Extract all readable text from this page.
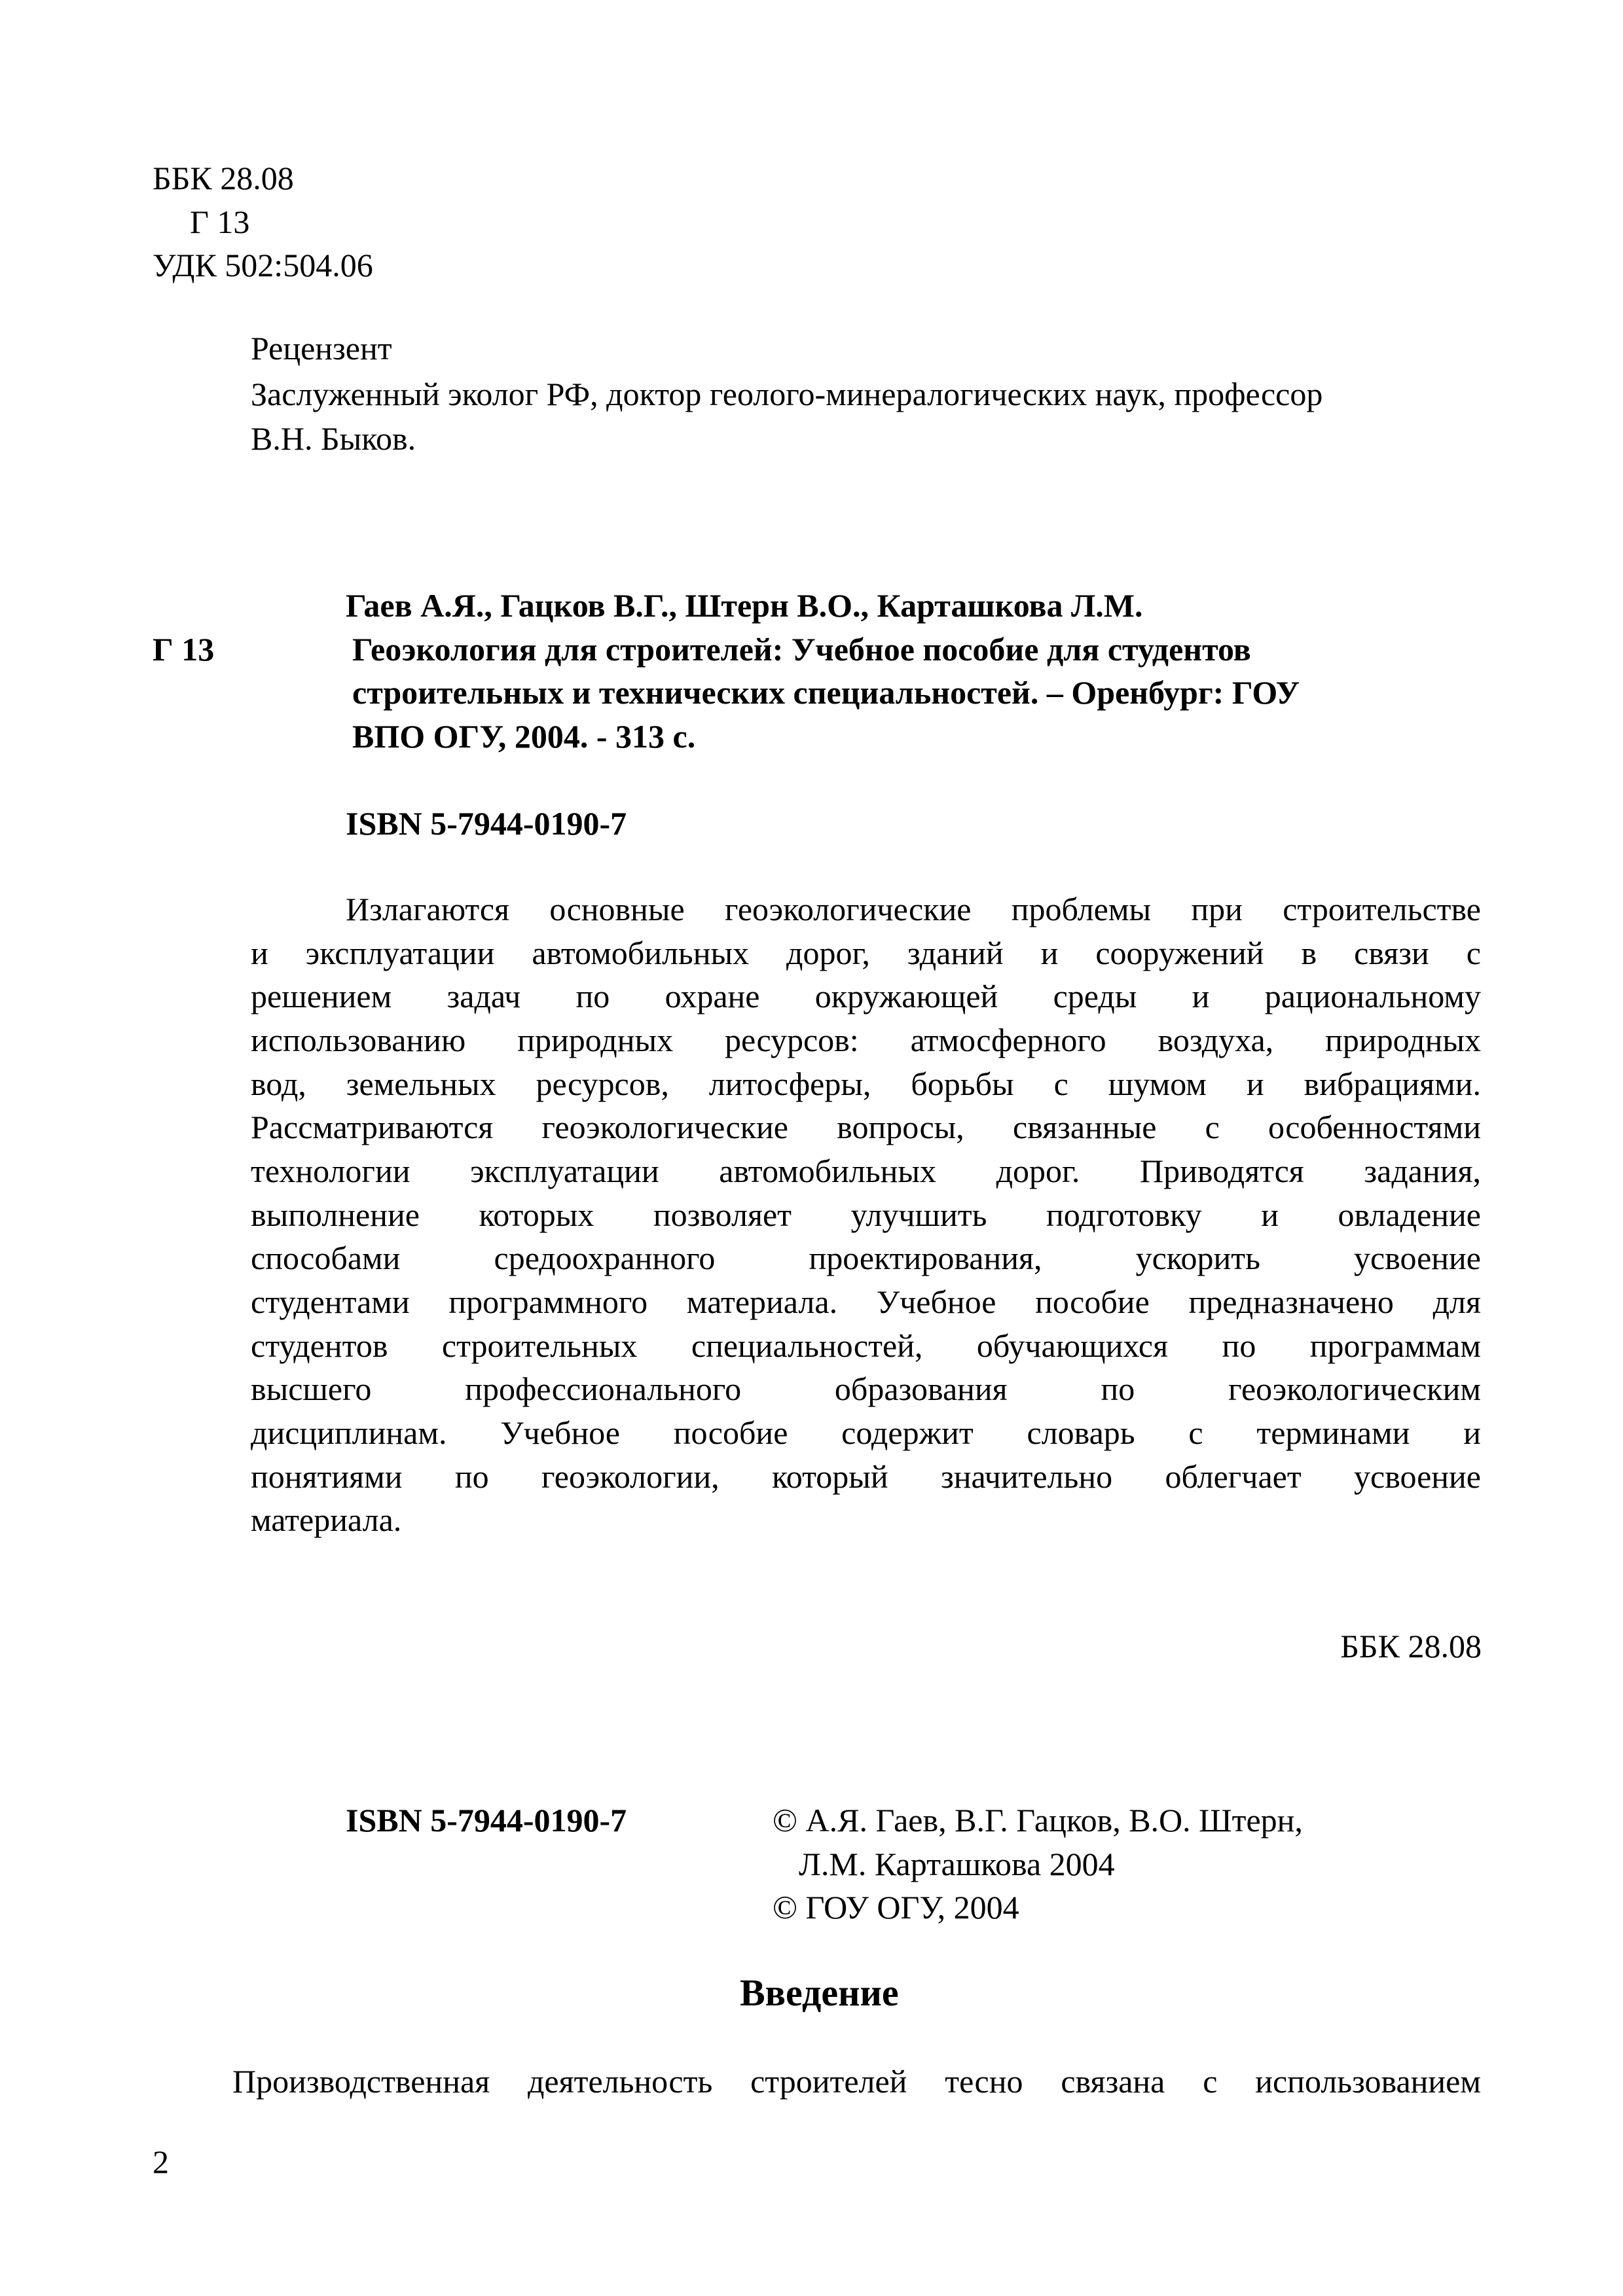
ББК 28.08
Г 13
УДК 502:504.06
Рецензент
Заслуженный эколог РФ, доктор геолого-минералогических наук, профессор
В.Н. Быков.
Гаев А.Я., Гацков В.Г., Штерн В.О., Карташкова Л.М.
Г 13	Геоэкология для строителей: Учебное пособие для студентов
строительных и технических специальностей. – Оренбург: ГОУ
ВПО ОГУ, 2004. - 313 с.
ISBN 5-7944-0190-7
Излагаются основные геоэкологические проблемы при строительстве
и эксплуатации автомобильных дорог, зданий и сооружений в связи с
решением задач по охране окружающей среды и рациональному
использованию природных ресурсов: атмосферного воздуха, природных
вод, земельных ресурсов, литосферы, борьбы с шумом и вибрациями.
Рассматриваются геоэкологические вопросы, связанные с особенностями
технологии эксплуатации автомобильных дорог. Приводятся задания,
выполнение которых позволяет улучшить подготовку и овладение
способами средоохранного проектирования, ускорить усвоение
студентами программного материала. Учебное пособие предназначено для
студентов строительных специальностей, обучающихся по программам
высшего профессионального образования по геоэкологическим
дисциплинам. Учебное пособие содержит словарь с терминами и
понятиями по геоэкологии, который значительно облегчает усвоение
материала.
ББК 28.08
ISBN 5-7944-0190-7	© А.Я. Гаев, В.Г. Гацков, В.О. Штерн,
Л.М. Карташкова 2004
© ГОУ ОГУ, 2004
Введение
Производственная деятельность строителей тесно связана с использованием
2
